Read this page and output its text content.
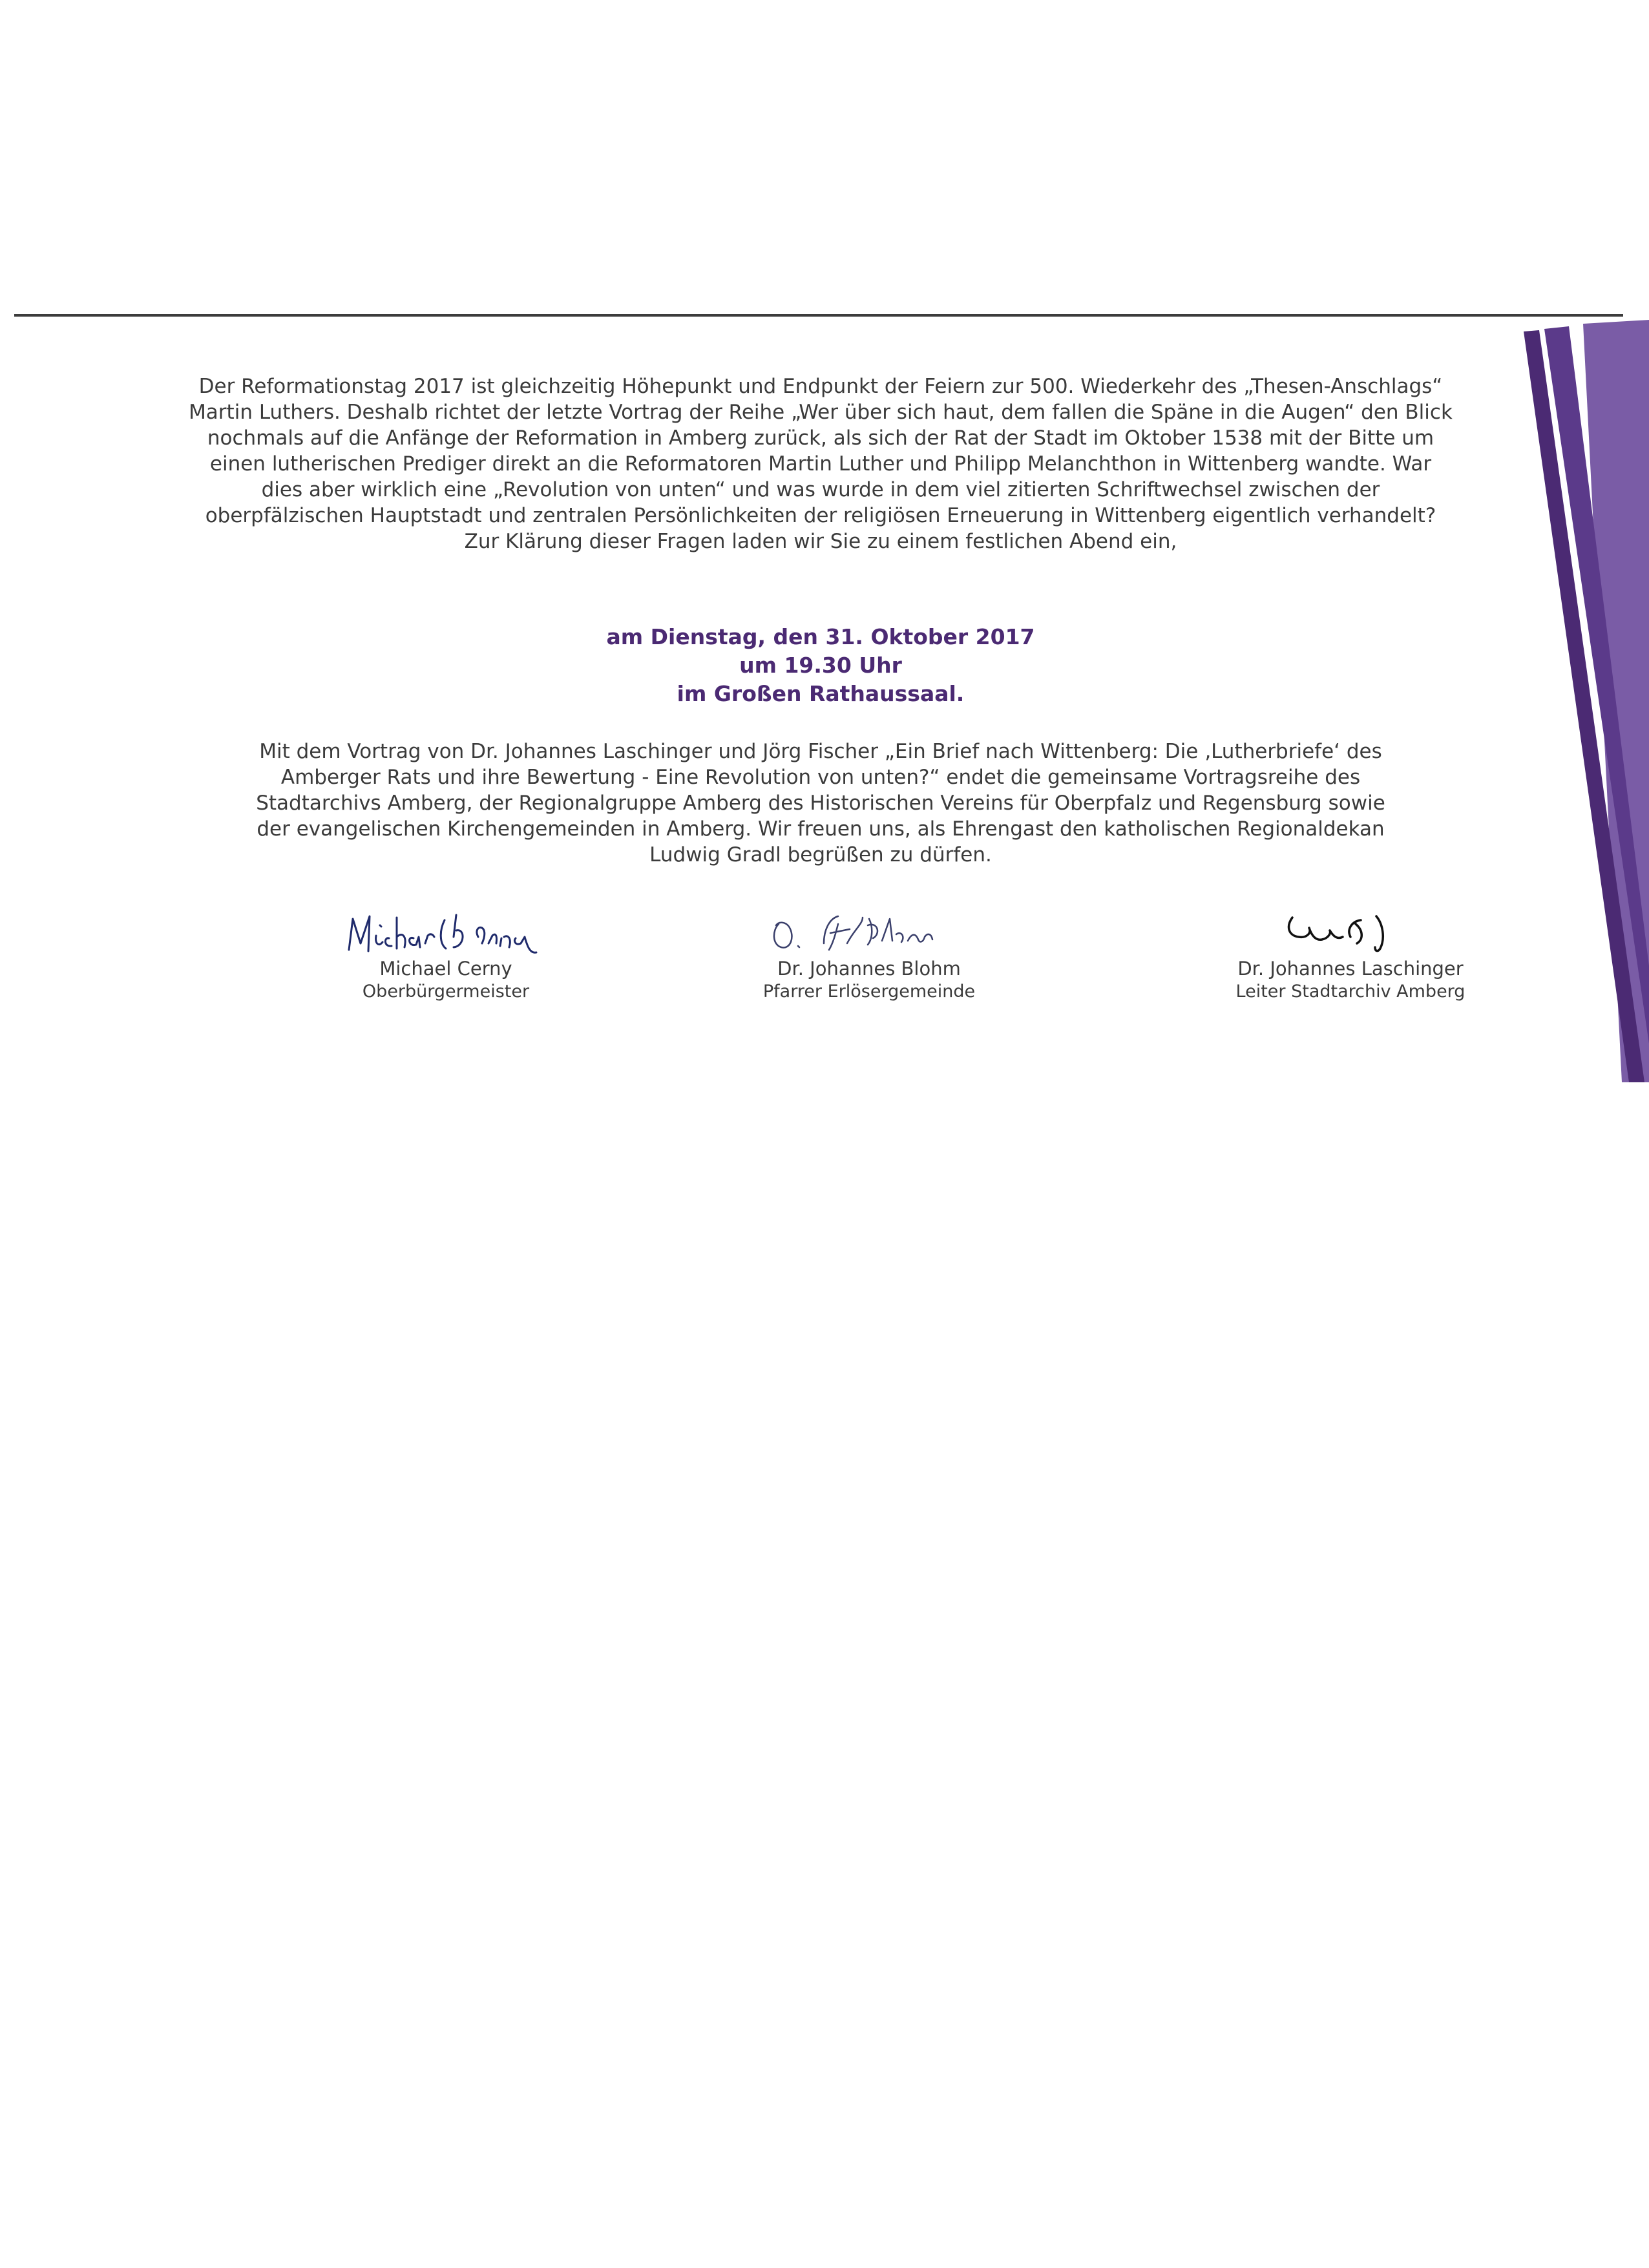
Der Reformationstag 2017 ist gleichzeitig Höhepunkt und Endpunkt der Feiern zur 500. Wiederkehr des „Thesen-Anschlags“
Martin Luthers. Deshalb richtet der letzte Vortrag der Reihe „Wer über sich haut, dem fallen die Späne in die Augen“ den Blick
nochmals auf die Anfänge der Reformation in Amberg zurück, als sich der Rat der Stadt im Oktober 1538 mit der Bitte um
einen lutherischen Prediger direkt an die Reformatoren Martin Luther und Philipp Melanchthon in Wittenberg wandte. War
dies aber wirklich eine „Revolution von unten“ und was wurde in dem viel zitierten Schriftwechsel zwischen der
oberpfälzischen Hauptstadt und zentralen Persönlichkeiten der religiösen Erneuerung in Wittenberg eigentlich verhandelt?
Zur Klärung dieser Fragen laden wir Sie zu einem festlichen Abend ein,

am Dienstag, den 31. Oktober 2017
um 19.30 Uhr
im Großen Rathaussaal.

Mit dem Vortrag von Dr. Johannes Laschinger und Jörg Fischer „Ein Brief nach Wittenberg: Die ‚Lutherbriefe‘ des
Amberger Rats und ihre Bewertung - Eine Revolution von unten?“ endet die gemeinsame Vortragsreihe des
Stadtarchivs Amberg, der Regionalgruppe Amberg des Historischen Vereins für Oberpfalz und Regensburg sowie
der evangelischen Kirchengemeinden in Amberg. Wir freuen uns, als Ehrengast den katholischen Regionaldekan
Ludwig Gradl begrüßen zu dürfen.

Michael Cerny
Oberbürgermeister
Dr. Johannes Blohm
Pfarrer Erlösergemeinde
Dr. Johannes Laschinger
Leiter Stadtarchiv Amberg
